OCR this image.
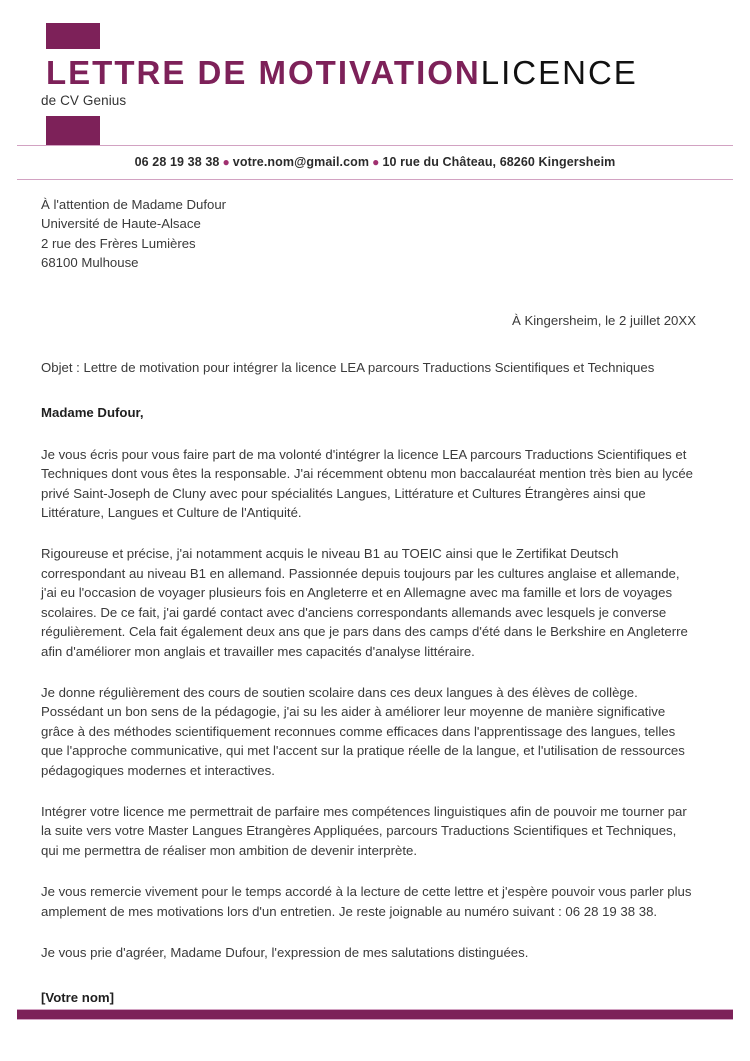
LETTRE DE MOTIVATIONLICENCE
de CV Genius
06 28 19 38 38 ● votre.nom@gmail.com ● 10 rue du Château, 68260 Kingersheim
À l'attention de Madame Dufour
Université de Haute-Alsace
2 rue des Frères Lumières
68100 Mulhouse
À Kingersheim, le 2 juillet 20XX
Objet : Lettre de motivation pour intégrer la licence LEA parcours Traductions Scientifiques et Techniques
Madame Dufour,

Je vous écris pour vous faire part de ma volonté d'intégrer la licence LEA parcours Traductions Scientifiques et Techniques dont vous êtes la responsable. J'ai récemment obtenu mon baccalauréat mention très bien au lycée privé Saint-Joseph de Cluny avec pour spécialités Langues, Littérature et Cultures Étrangères ainsi que Littérature, Langues et Culture de l'Antiquité.

Rigoureuse et précise, j'ai notamment acquis le niveau B1 au TOEIC ainsi que le Zertifikat Deutsch correspondant au niveau B1 en allemand. Passionnée depuis toujours par les cultures anglaise et allemande, j'ai eu l'occasion de voyager plusieurs fois en Angleterre et en Allemagne avec ma famille et lors de voyages scolaires. De ce fait, j'ai gardé contact avec d'anciens correspondants allemands avec lesquels je converse régulièrement. Cela fait également deux ans que je pars dans des camps d'été dans le Berkshire en Angleterre afin d'améliorer mon anglais et travailler mes capacités d'analyse littéraire.

Je donne régulièrement des cours de soutien scolaire dans ces deux langues à des élèves de collège. Possédant un bon sens de la pédagogie, j'ai su les aider à améliorer leur moyenne de manière significative grâce à des méthodes scientifiquement reconnues comme efficaces dans l'apprentissage des langues, telles que l'approche communicative, qui met l'accent sur la pratique réelle de la langue, et l'utilisation de ressources pédagogiques modernes et interactives.

Intégrer votre licence me permettrait de parfaire mes compétences linguistiques afin de pouvoir me tourner par la suite vers votre Master Langues Etrangères Appliquées, parcours Traductions Scientifiques et Techniques, qui me permettra de réaliser mon ambition de devenir interprète.

Je vous remercie vivement pour le temps accordé à la lecture de cette lettre et j'espère pouvoir vous parler plus amplement de mes motivations lors d'un entretien. Je reste joignable au numéro suivant : 06 28 19 38 38.

Je vous prie d'agréer, Madame Dufour, l'expression de mes salutations distinguées.

[Votre nom]
